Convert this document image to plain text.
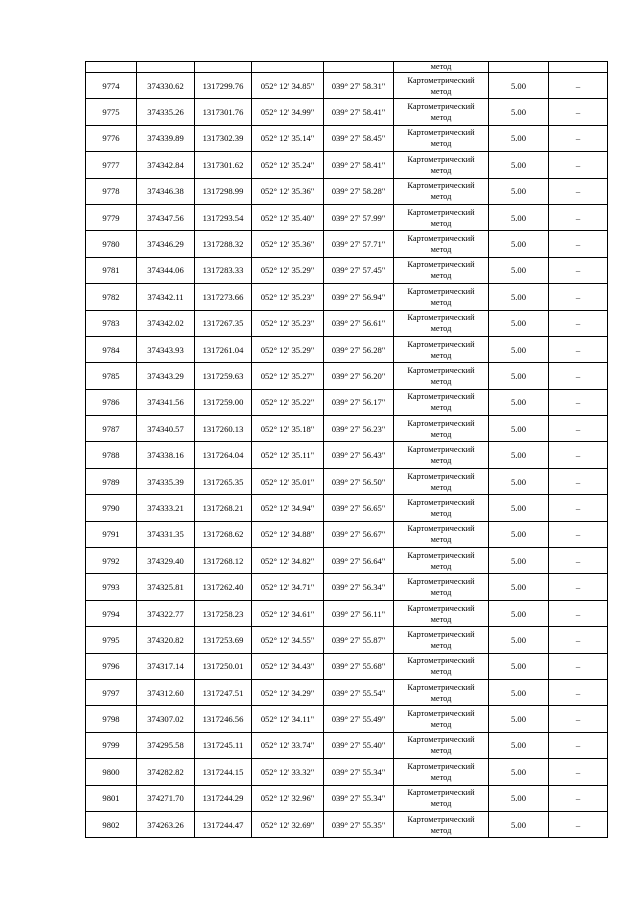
					метод		
9774	374330.62	1317299.76	052° 12' 34.85"	039° 27' 58.31"	Картометрический
метод	5.00	–
9775	374335.26	1317301.76	052° 12' 34.99"	039° 27' 58.41"	Картометрический
метод	5.00	–
9776	374339.89	1317302.39	052° 12' 35.14"	039° 27' 58.45"	Картометрический
метод	5.00	–
9777	374342.84	1317301.62	052° 12' 35.24"	039° 27' 58.41"	Картометрический
метод	5.00	–
9778	374346.38	1317298.99	052° 12' 35.36"	039° 27' 58.28"	Картометрический
метод	5.00	–
9779	374347.56	1317293.54	052° 12' 35.40"	039° 27' 57.99"	Картометрический
метод	5.00	–
9780	374346.29	1317288.32	052° 12' 35.36"	039° 27' 57.71"	Картометрический
метод	5.00	–
9781	374344.06	1317283.33	052° 12' 35.29"	039° 27' 57.45"	Картометрический
метод	5.00	–
9782	374342.11	1317273.66	052° 12' 35.23"	039° 27' 56.94"	Картометрический
метод	5.00	–
9783	374342.02	1317267.35	052° 12' 35.23"	039° 27' 56.61"	Картометрический
метод	5.00	–
9784	374343.93	1317261.04	052° 12' 35.29"	039° 27' 56.28"	Картометрический
метод	5.00	–
9785	374343.29	1317259.63	052° 12' 35.27"	039° 27' 56.20"	Картометрический
метод	5.00	–
9786	374341.56	1317259.00	052° 12' 35.22"	039° 27' 56.17"	Картометрический
метод	5.00	–
9787	374340.57	1317260.13	052° 12' 35.18"	039° 27' 56.23"	Картометрический
метод	5.00	–
9788	374338.16	1317264.04	052° 12' 35.11"	039° 27' 56.43"	Картометрический
метод	5.00	–
9789	374335.39	1317265.35	052° 12' 35.01"	039° 27' 56.50"	Картометрический
метод	5.00	–
9790	374333.21	1317268.21	052° 12' 34.94"	039° 27' 56.65"	Картометрический
метод	5.00	–
9791	374331.35	1317268.62	052° 12' 34.88"	039° 27' 56.67"	Картометрический
метод	5.00	–
9792	374329.40	1317268.12	052° 12' 34.82"	039° 27' 56.64"	Картометрический
метод	5.00	–
9793	374325.81	1317262.40	052° 12' 34.71"	039° 27' 56.34"	Картометрический
метод	5.00	–
9794	374322.77	1317258.23	052° 12' 34.61"	039° 27' 56.11"	Картометрический
метод	5.00	–
9795	374320.82	1317253.69	052° 12' 34.55"	039° 27' 55.87"	Картометрический
метод	5.00	–
9796	374317.14	1317250.01	052° 12' 34.43"	039° 27' 55.68"	Картометрический
метод	5.00	–
9797	374312.60	1317247.51	052° 12' 34.29"	039° 27' 55.54"	Картометрический
метод	5.00	–
9798	374307.02	1317246.56	052° 12' 34.11"	039° 27' 55.49"	Картометрический
метод	5.00	–
9799	374295.58	1317245.11	052° 12' 33.74"	039° 27' 55.40"	Картометрический
метод	5.00	–
9800	374282.82	1317244.15	052° 12' 33.32"	039° 27' 55.34"	Картометрический
метод	5.00	–
9801	374271.70	1317244.29	052° 12' 32.96"	039° 27' 55.34"	Картометрический
метод	5.00	–
9802	374263.26	1317244.47	052° 12' 32.69"	039° 27' 55.35"	Картометрический
метод	5.00	–
